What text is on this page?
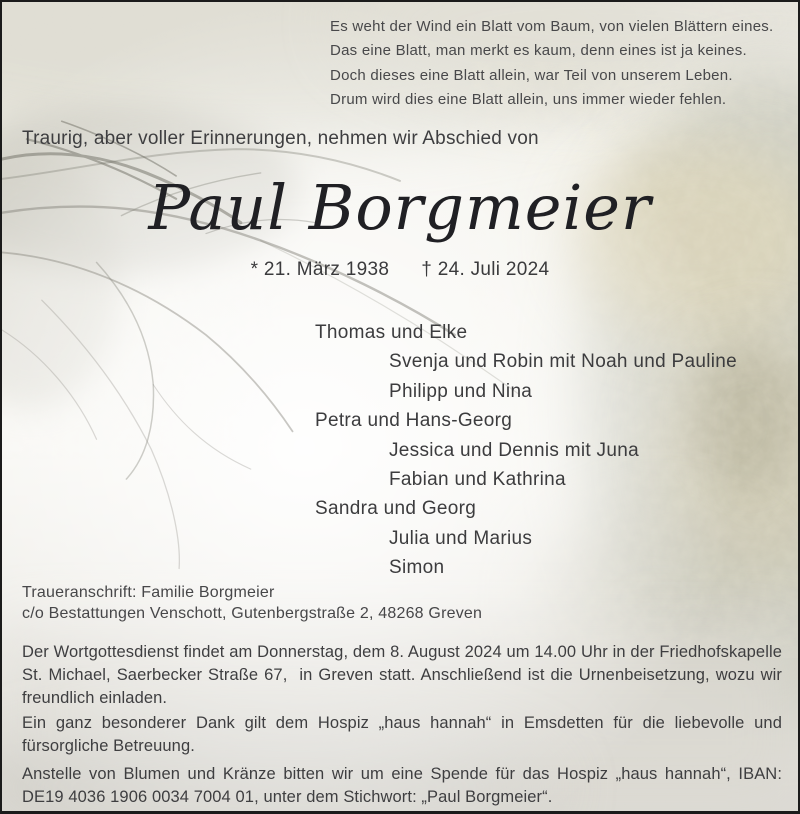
Es weht der Wind ein Blatt vom Baum, von vielen Blättern eines.
Das eine Blatt, man merkt es kaum, denn eines ist ja keines.
Doch dieses eine Blatt allein, war Teil von unserem Leben.
Drum wird dies eine Blatt allein, uns immer wieder fehlen.
Traurig, aber voller Erinnerungen, nehmen wir Abschied von
Paul Borgmeier
* 21. März 1938 † 24. Juli 2024
Thomas und Elke
Svenja und Robin mit Noah und Pauline
Philipp und Nina
Petra und Hans-Georg
Jessica und Dennis mit Juna
Fabian und Kathrina
Sandra und Georg
Julia und Marius
Simon
Traueranschrift: Familie Borgmeier
c/o Bestattungen Venschott, Gutenbergstraße 2, 48268 Greven

Der Wortgottesdienst findet am Donnerstag, dem 8. August 2024 um 14.00 Uhr in der Friedhofskapelle St. Michael, Saerbecker Straße 67,  in Greven statt. Anschließend ist die Urnenbeisetzung, wozu wir freundlich einladen.

Ein ganz besonderer Dank gilt dem Hospiz „haus hannah“ in Emsdetten für die liebevolle und fürsorgliche Betreuung.

Anstelle von Blumen und Kränze bitten wir um eine Spende für das Hospiz „haus hannah“, IBAN: DE19 4036 1906 0034 7004 01, unter dem Stichwort: „Paul Borgmeier“.
